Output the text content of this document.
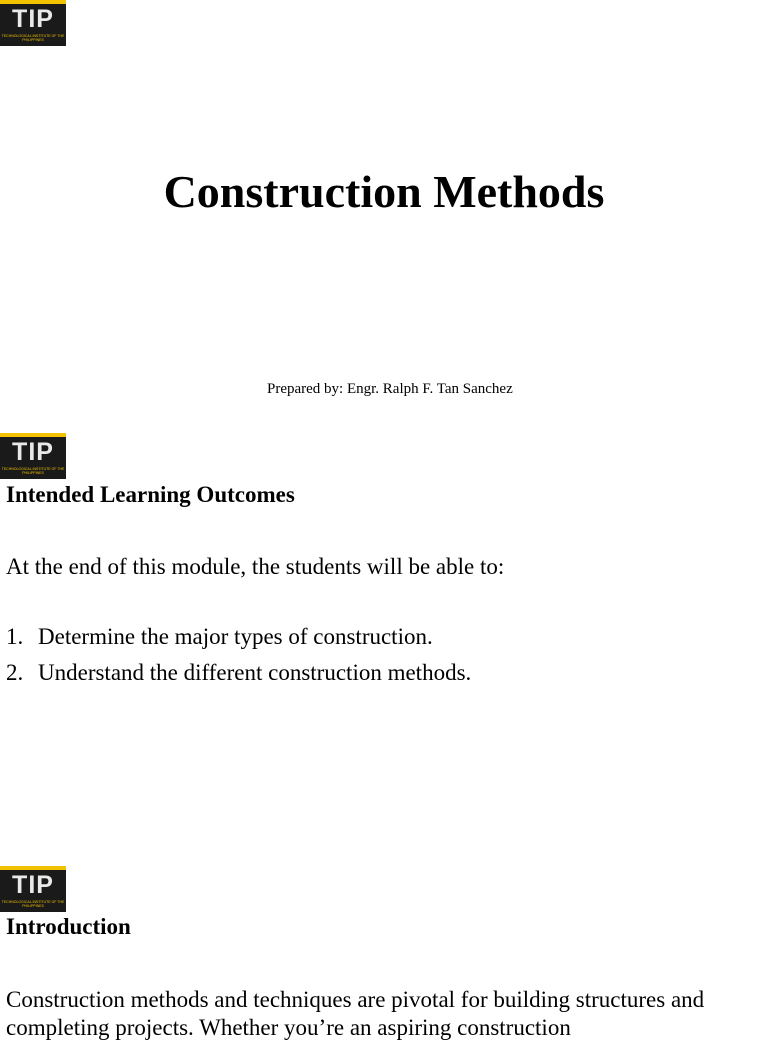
TIP
TECHNOLOGICAL INSTITUTE OF THE PHILIPPINES
Construction Methods
Prepared by: Engr. Ralph F. Tan Sanchez
TIP
TECHNOLOGICAL INSTITUTE OF THE PHILIPPINES
Intended Learning Outcomes

At the end of this module, the students will be able to:

1. Determine the major types of construction.
2. Understand the different construction methods.
TIP
TECHNOLOGICAL INSTITUTE OF THE PHILIPPINES
Introduction

Construction methods and techniques are pivotal for building structures and completing projects. Whether you’re an aspiring construction
